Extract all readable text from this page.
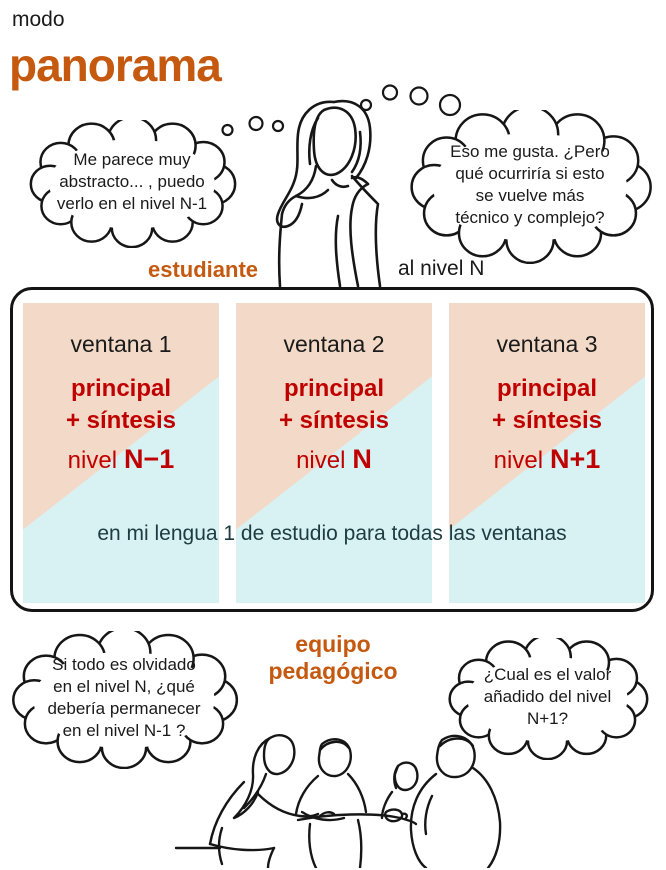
modo
panorama
Me parece muy
abstracto... , puedo
verlo en el nivel N-1
Eso me gusta. ¿Pero
qué ocurriría si esto
se vuelve más
técnico y complejo?
estudiante	al nivel N
ventana 1
principal
+ síntesis
nivel N−1
ventana 2
principal
+ síntesis
nivel N
ventana 3
principal
+ síntesis
nivel N+1
en mi lengua 1 de estudio para todas las ventanas
equipo
pedagógico
Si todo es olvidado
en el nivel N, ¿qué
debería permanecer
en el nivel N-1 ?
¿Cual es el valor
añadido del nivel
N+1?
